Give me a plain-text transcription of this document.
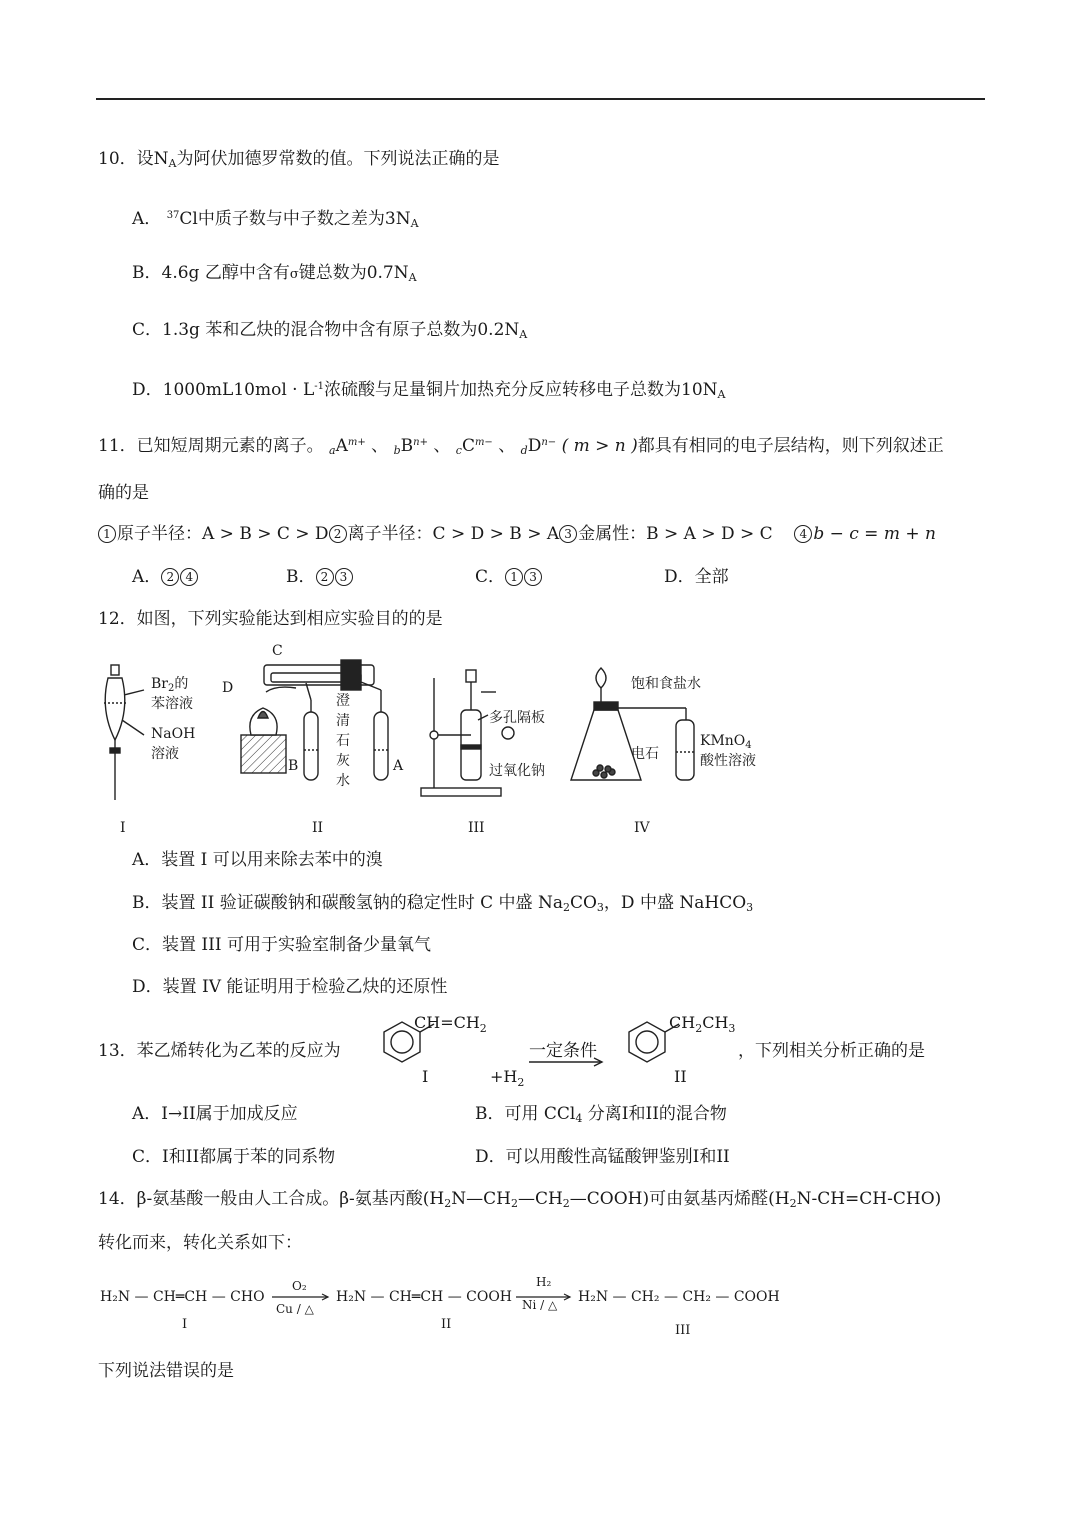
10．设$N_A$为阿伏加德罗常数的值。下列说法正确的是
A． $^{37}$Cl中质子数与中子数之差为$3N_A$
B．4.6g 乙醇中含有σ键总数为$0.7N_A$
C．1.3g 苯和乙炔的混合物中含有原子总数为$0.2N_A$
D．$1000mL10mol \cdot L^{-1}$浓硫酸与足量铜片加热充分反应转移电子总数为$10N_A$
11．已知短周期元素的离子。 $_aA^{m+}$ 、 $_bB^{n+}$ 、 $_cC^{m-}$ 、 $_dD^{n-}$ ( m > n )都具有相同的电子层结构，则下列叙述正
确的是
1 原子半径：A > B > C > D 2 离子半径：C > D > B > A 3 金属性：B > A > D > C 4 b − c = m + n
A． 2 4	B． 2 3	C． 1 3	D．全部
12．如图，下列实验能达到相应实验目的的是
$Br_2$的
苯溶液
NaOH
溶液
C
D
B	A
澄
清
石
灰
水
多孔隔板
过氧化钠
饱和食盐水
电石
KMnO$_4$
酸性溶液
I	II	III	IV
A．装置 I 可以用来除去苯中的溴
B．装置 II 验证碳酸钠和碳酸氢钠的稳定性时 C 中盛 $Na_2CO_3$，D 中盛 NaHCO$_3$
C．装置 III 可用于实验室制备少量氧气
D．装置 IV 能证明用于检验乙炔的还原性
13．苯乙烯转化为乙苯的反应为
$CH=CH_2$	$CH_2CH_3$
一定条件
$+H_2$
I	II
，下列相关分析正确的是
A．I→II属于加成反应	B．可用 CCl$_4$ 分离I和II的混合物
C．I和II都属于苯的同系物	D．可以用酸性高锰酸钾鉴别I和II
14．β-氨基酸一般由人工合成。β-氨基丙酸$(H_2N—CH_2—CH_2—COOH)$可由氨基丙烯醛$(H_2N-CH=CH-CHO)$
转化而来，转化关系如下：
H₂N — CH═CH — CHO
O₂
Cu / △
H₂N — CH═CH — COOH
H₂
Ni / △ H₂N — CH₂ — CH₂ — COOH
I	II	III
下列说法错误的是
